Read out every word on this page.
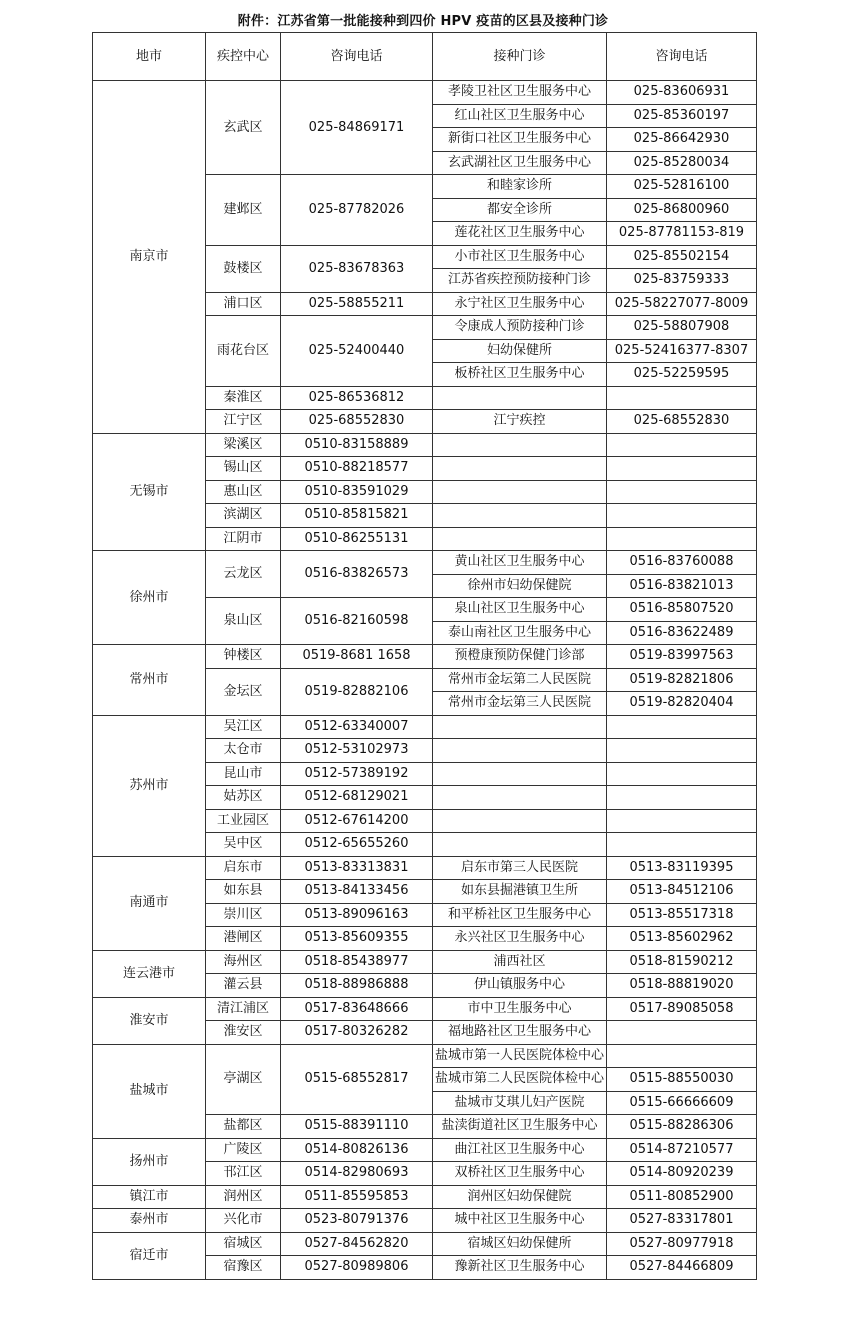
附件：江苏省第一批能接种到四价 HPV 疫苗的区县及接种门诊
地市	疾控中心	咨询电话	接种门诊	咨询电话
南京市	玄武区	025-84869171	孝陵卫社区卫生服务中心	025-83606931
			红山社区卫生服务中心	025-85360197
			新街口社区卫生服务中心	025-86642930
			玄武湖社区卫生服务中心	025-85280034
	建邺区	025-87782026	和睦家诊所	025-52816100
			都安全诊所	025-86800960
			莲花社区卫生服务中心	025-87781153-819
	鼓楼区	025-83678363	小市社区卫生服务中心	025-85502154
			江苏省疾控预防接种门诊	025-83759333
	浦口区	025-58855211	永宁社区卫生服务中心	025-58227077-8009
	雨花台区	025-52400440	令康成人预防接种门诊	025-58807908
			妇幼保健所	025-52416377-8307
			板桥社区卫生服务中心	025-52259595
	秦淮区	025-86536812		
	江宁区	025-68552830	江宁疾控	025-68552830
无锡市	梁溪区	0510-83158889		
	锡山区	0510-88218577		
	惠山区	0510-83591029		
	滨湖区	0510-85815821		
	江阴市	0510-86255131		
徐州市	云龙区	0516-83826573	黄山社区卫生服务中心	0516-83760088
			徐州市妇幼保健院	0516-83821013
	泉山区	0516-82160598	泉山社区卫生服务中心	0516-85807520
			泰山南社区卫生服务中心	0516-83622489
常州市	钟楼区	0519-8681 1658	预橙康预防保健门诊部	0519-83997563
	金坛区	0519-82882106	常州市金坛第二人民医院	0519-82821806
			常州市金坛第三人民医院	0519-82820404
苏州市	吴江区	0512-63340007		
	太仓市	0512-53102973		
	昆山市	0512-57389192		
	姑苏区	0512-68129021		
	工业园区	0512-67614200		
	吴中区	0512-65655260		
南通市	启东市	0513-83313831	启东市第三人民医院	0513-83119395
	如东县	0513-84133456	如东县掘港镇卫生所	0513-84512106
	崇川区	0513-89096163	和平桥社区卫生服务中心	0513-85517318
	港闸区	0513-85609355	永兴社区卫生服务中心	0513-85602962
连云港市	海州区	0518-85438977	浦西社区	0518-81590212
	灌云县	0518-88986888	伊山镇服务中心	0518-88819020
淮安市	清江浦区	0517-83648666	市中卫生服务中心	0517-89085058
	淮安区	0517-80326282	福地路社区卫生服务中心	
盐城市	亭湖区	0515-68552817	盐城市第一人民医院体检中心	
			盐城市第二人民医院体检中心	0515-88550030
			盐城市艾琪儿妇产医院	0515-66666609
	盐都区	0515-88391110	盐渎街道社区卫生服务中心	0515-88286306
扬州市	广陵区	0514-80826136	曲江社区卫生服务中心	0514-87210577
	邗江区	0514-82980693	双桥社区卫生服务中心	0514-80920239
镇江市	润州区	0511-85595853	润州区妇幼保健院	0511-80852900
泰州市	兴化市	0523-80791376	城中社区卫生服务中心	0527-83317801
宿迁市	宿城区	0527-84562820	宿城区妇幼保健所	0527-80977918
	宿豫区	0527-80989806	豫新社区卫生服务中心	0527-84466809
